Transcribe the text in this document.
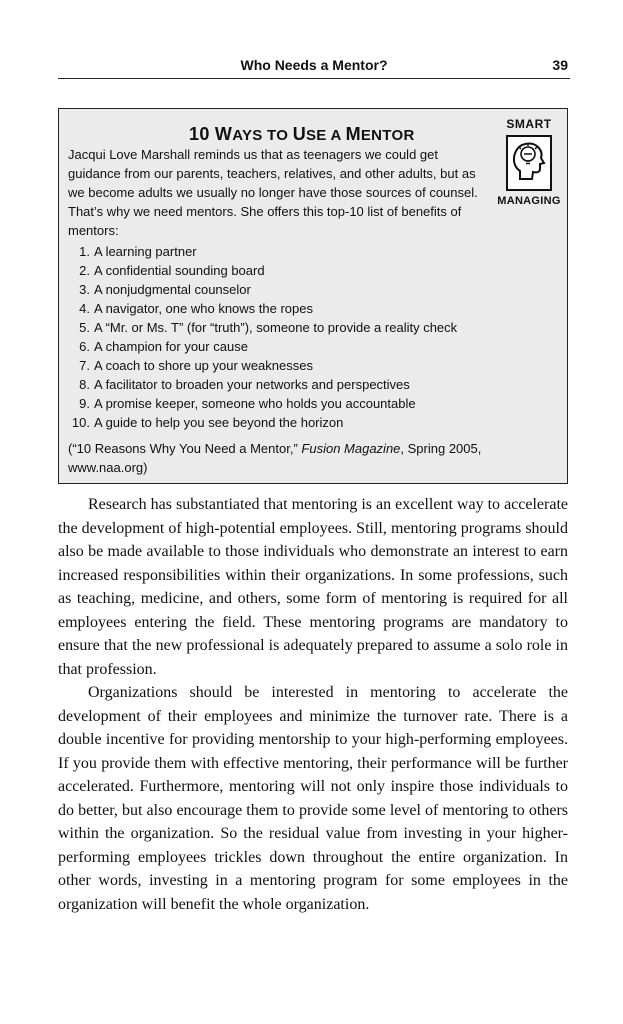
Who Needs a Mentor?	39
10 WAYS TO USE A MENTOR
SMART
MANAGING

Jacqui Love Marshall reminds us that as teenagers we could get guidance from our parents, teachers, relatives, and other adults, but as we become adults we usually no longer have those sources of counsel. That’s why we need mentors. She offers this top-10 list of benefits of mentors:

1. A learning partner
2. A confidential sounding board
3. A nonjudgmental counselor
4. A navigator, one who knows the ropes
5. A “Mr. or Ms. T” (for “truth”), someone to provide a reality check
6. A champion for your cause
7. A coach to shore up your weaknesses
8. A facilitator to broaden your networks and perspectives
9. A promise keeper, someone who holds you accountable
10. A guide to help you see beyond the horizon

(“10 Reasons Why You Need a Mentor,” Fusion Magazine, Spring 2005, www.naa.org)

Research has substantiated that mentoring is an excellent way to accelerate the development of high-potential employees. Still, mentoring programs should also be made available to those individuals who demonstrate an interest to earn increased responsibilities within their organizations. In some professions, such as teaching, medicine, and others, some form of mentoring is required for all employees entering the field. These mentoring programs are mandatory to ensure that the new professional is adequately prepared to assume a solo role in that profession.

Organizations should be interested in mentoring to accelerate the development of their employees and minimize the turnover rate. There is a double incentive for providing mentorship to your high-performing employees. If you provide them with effective mentoring, their performance will be further accelerated. Furthermore, mentoring will not only inspire those individuals to do better, but also encourage them to provide some level of mentoring to others within the organization. So the residual value from investing in your higher-performing employees trickles down throughout the entire organization. In other words, investing in a mentoring program for some employees in the organization will benefit the whole organization.
